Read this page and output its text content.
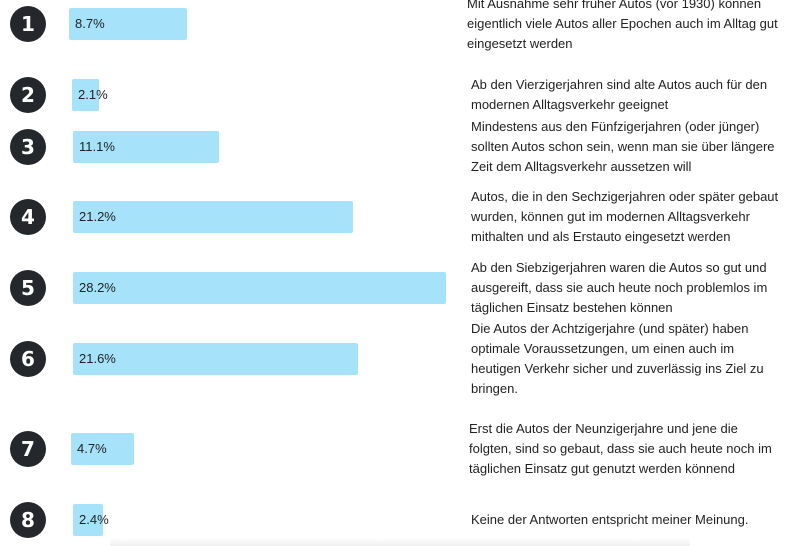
1	8.7%
Mit Ausnahme sehr früher Autos (vor 1930) können
eigentlich viele Autos aller Epochen auch im Alltag gut
eingesetzt werden
2	2.1%
Ab den Vierzigerjahren sind alte Autos auch für den
modernen Alltagsverkehr geeignet
3	11.1%
Mindestens aus den Fünfzigerjahren (oder jünger)
sollten Autos schon sein, wenn man sie über längere
Zeit dem Alltagsverkehr aussetzen will
4	21.2%
Autos, die in den Sechzigerjahren oder später gebaut
wurden, können gut im modernen Alltagsverkehr
mithalten und als Erstauto eingesetzt werden
5	28.2%
Ab den Siebzigerjahren waren die Autos so gut und
ausgereift, dass sie auch heute noch problemlos im
täglichen Einsatz bestehen können
6	21.6%
Die Autos der Achtzigerjahre (und später) haben
optimale Voraussetzungen, um einen auch im
heutigen Verkehr sicher und zuverlässig ins Ziel zu
bringen.
7	4.7%
Erst die Autos der Neunzigerjahre und jene die
folgten, sind so gebaut, dass sie auch heute noch im
täglichen Einsatz gut genutzt werden könnend
8	2.4%	Keine der Antworten entspricht meiner Meinung.
